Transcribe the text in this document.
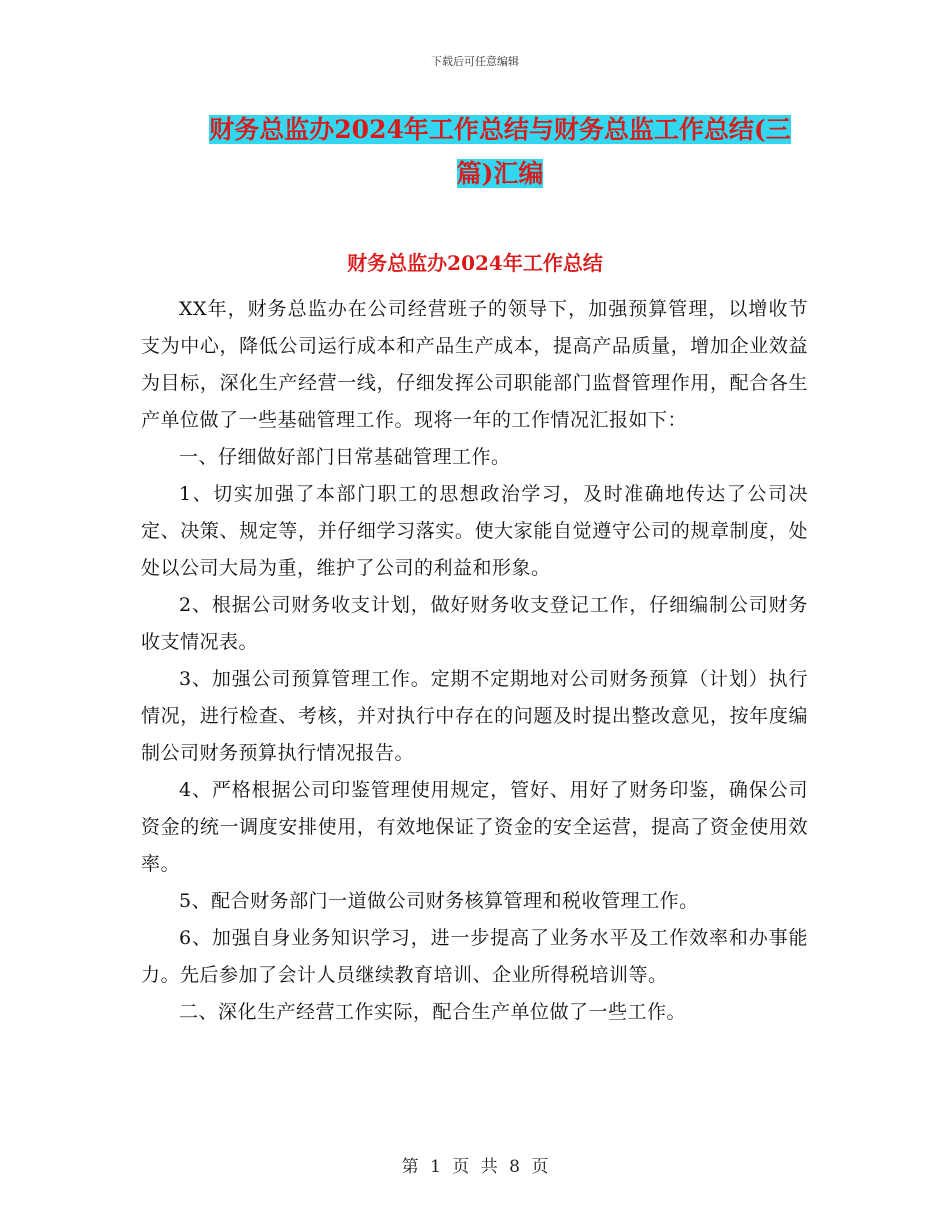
下载后可任意编辑
财务总监办2024年工作总结与财务总监工作总结(三
篇)汇编
财务总监办2024年工作总结

XX年，财务总监办在公司经营班子的领导下，加强预算管理，以增收节支为中心，降低公司运行成本和产品生产成本，提高产品质量，增加企业效益为目标，深化生产经营一线，仔细发挥公司职能部门监督管理作用，配合各生产单位做了一些基础管理工作。现将一年的工作情况汇报如下：

一、仔细做好部门日常基础管理工作。

1、切实加强了本部门职工的思想政治学习，及时准确地传达了公司决定、决策、规定等，并仔细学习落实。使大家能自觉遵守公司的规章制度，处处以公司大局为重，维护了公司的利益和形象。

2、根据公司财务收支计划，做好财务收支登记工作，仔细编制公司财务收支情况表。

3、加强公司预算管理工作。定期不定期地对公司财务预算（计划）执行情况，进行检查、考核，并对执行中存在的问题及时提出整改意见，按年度编制公司财务预算执行情况报告。

4、严格根据公司印鉴管理使用规定，管好、用好了财务印鉴，确保公司资金的统一调度安排使用，有效地保证了资金的安全运营，提高了资金使用效率。

5、配合财务部门一道做公司财务核算管理和税收管理工作。

6、加强自身业务知识学习，进一步提高了业务水平及工作效率和办事能力。先后参加了会计人员继续教育培训、企业所得税培训等。

二、深化生产经营工作实际，配合生产单位做了一些工作。

第 1 页 共 8 页
